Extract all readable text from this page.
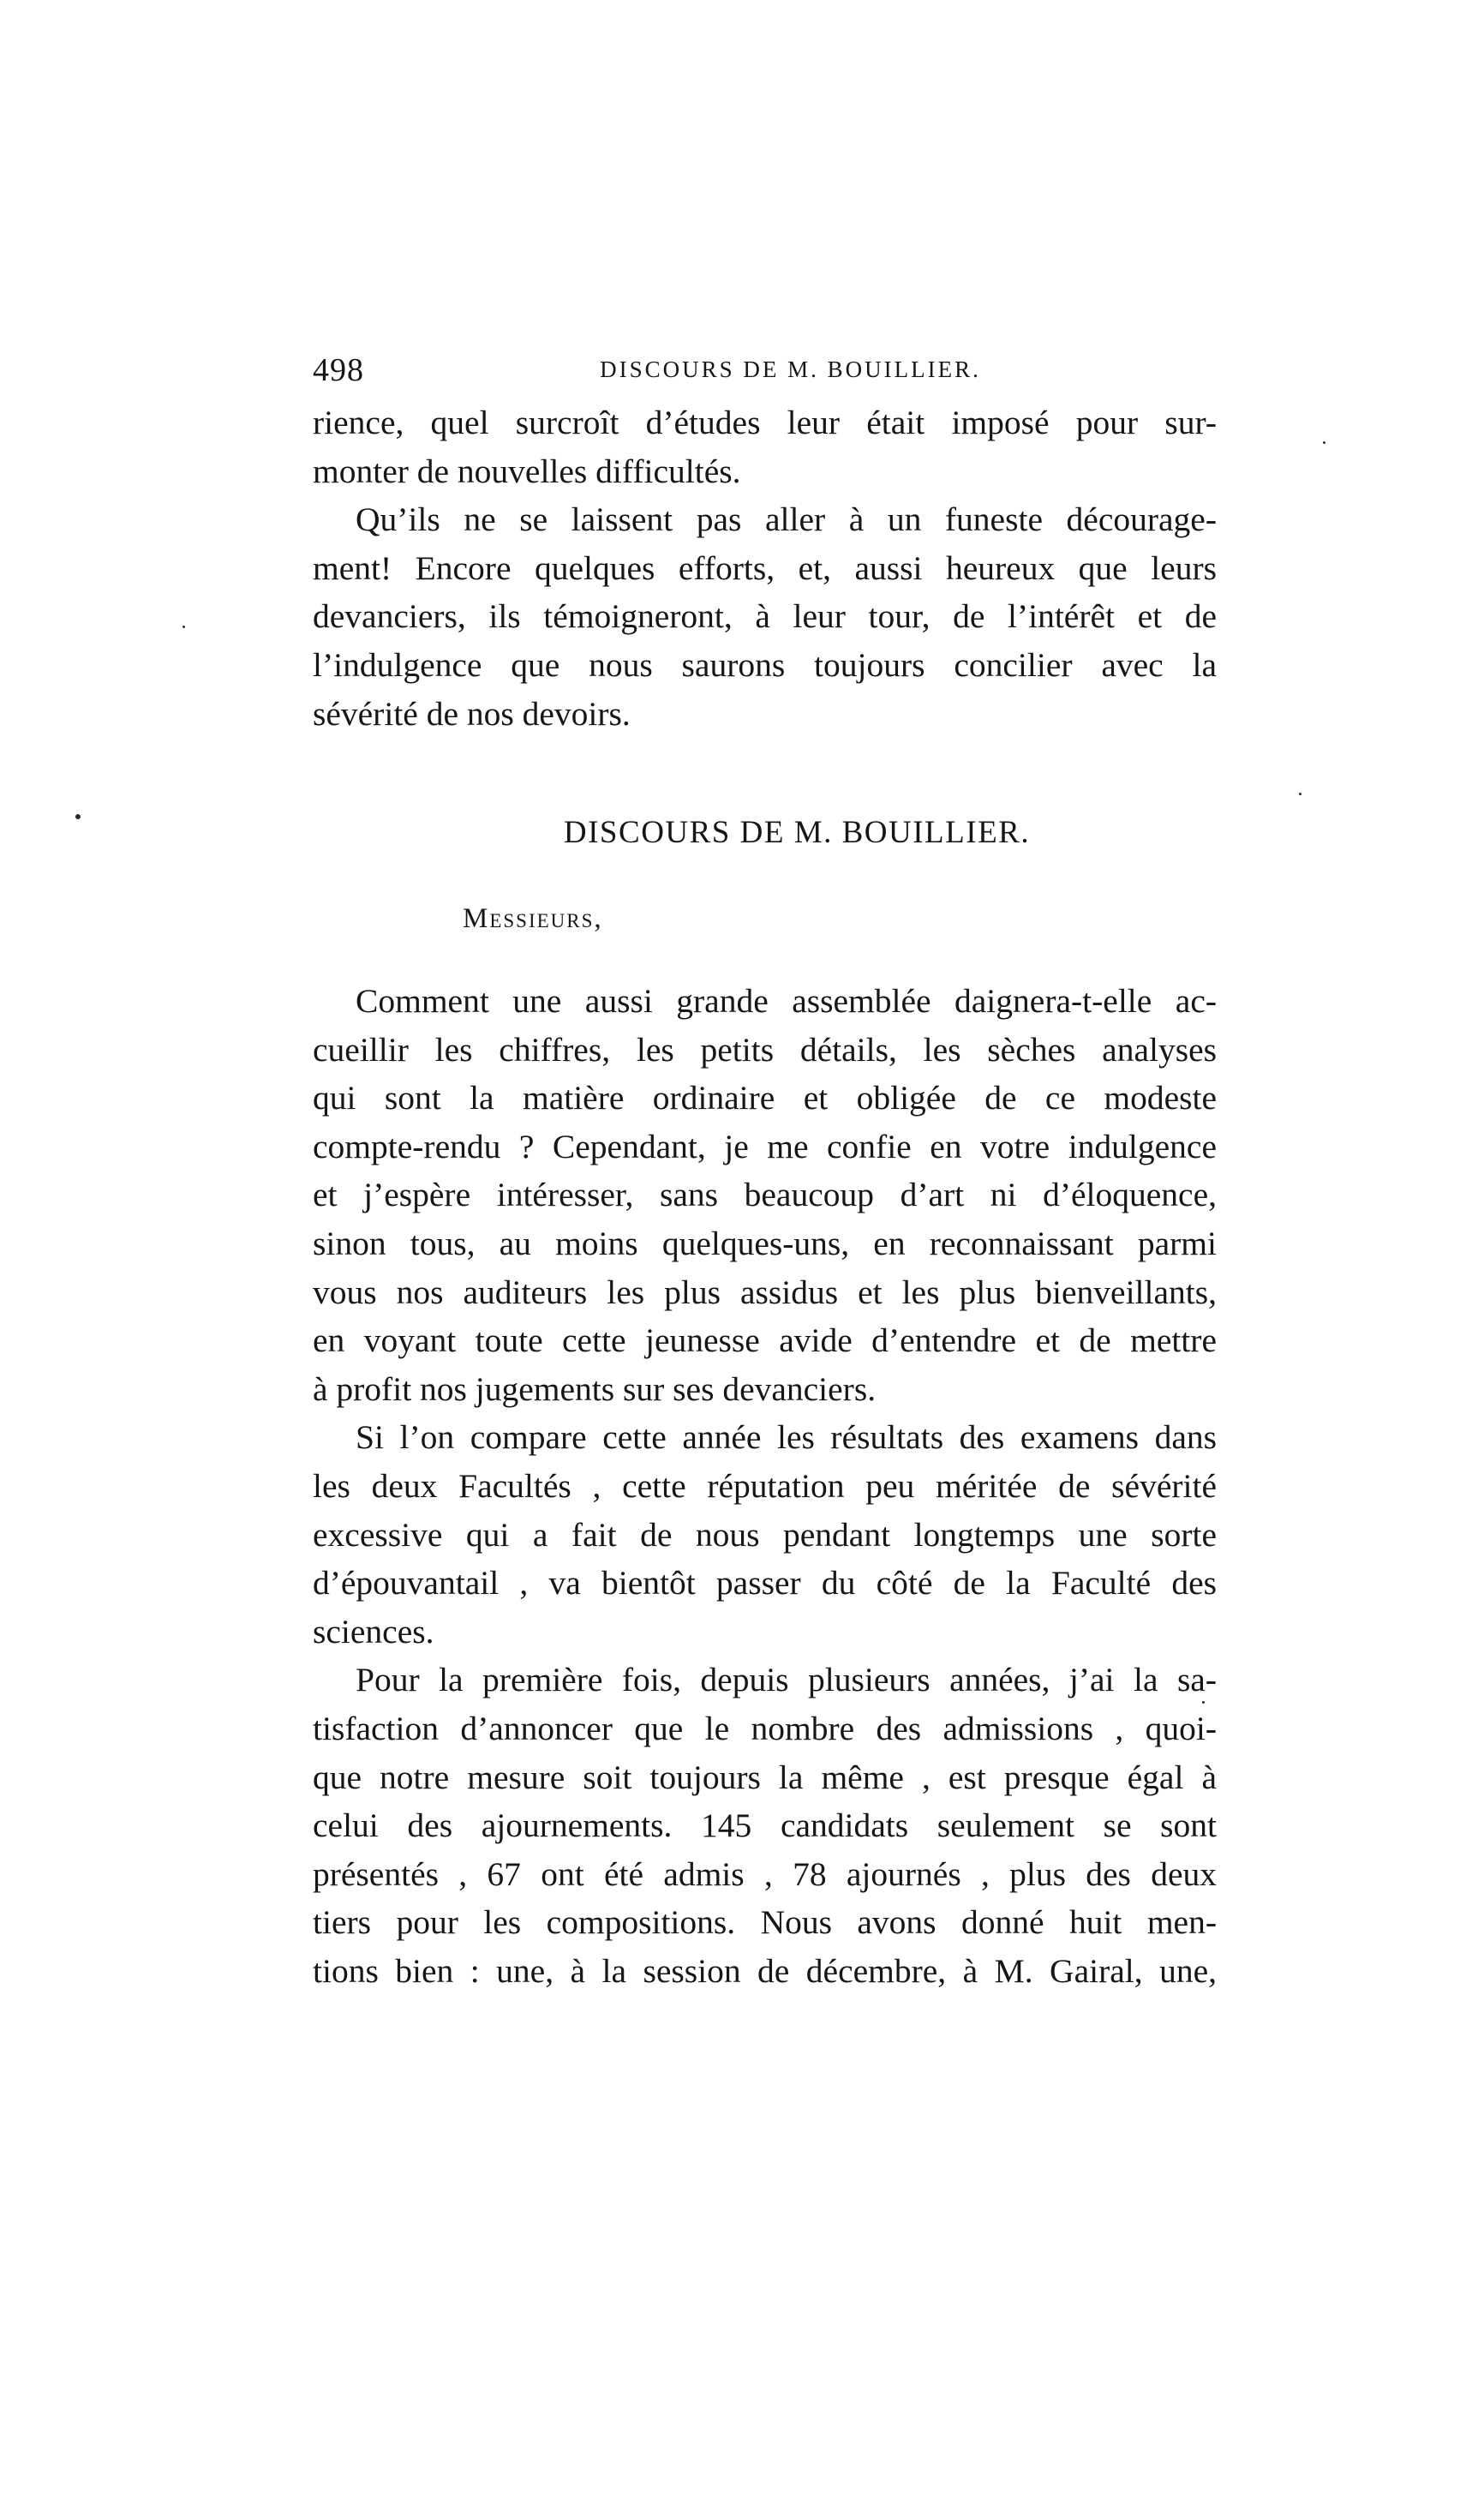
498	DISCOURS DE M. BOUILLIER.

rience, quel surcroît d’études leur était imposé pour sur-
monter de nouvelles difficultés.

Qu’ils ne se laissent pas aller à un funeste découragе-
ment! Encore quelques efforts, et, aussi heureux que leurs
devanciers, ils témoigneront, à leur tour, de l’intérêt et de
l’indulgence que nous saurons toujours concilier avec la
sévérité de nos devoirs.

DISCOURS DE M. BOUILLIER.
Messieurs,

Comment une aussi grande assemblée daignera-t-elle ac-
cueillir les chiffres, les petits détails, les sèches analyses
qui sont la matière ordinaire et obligée de ce modeste
compte-rendu ? Cependant, je me confie en votre indulgence
et j’espère intéresser, sans beaucoup d’art ni d’éloquence,
sinon tous, au moins quelques-uns, en reconnaissant parmi
vous nos auditeurs les plus assidus et les plus bienveillants,
en voyant toute cette jeunesse avide d’entendre et de mettre
à profit nos jugements sur ses devanciers.

Si l’on compare cette année les résultats des examens dans
les deux Facultés , cette réputation peu méritée de sévérité
excessive qui a fait de nous pendant longtemps une sorte
d’épouvantail , va bientôt passer du côté de la Faculté des
sciences.

Pour la première fois, depuis plusieurs années, j’ai la sa-
tisfaction d’annoncer que le nombre des admissions , quoi-
que notre mesure soit toujours la même , est presque égal à
celui des ajournements. 145 candidats seulement se sont
présentés , 67 ont été admis , 78 ajournés , plus des deux
tiers pour les compositions. Nous avons donné huit men-
tions bien : une, à la session de décembre, à M. Gairal, une,
